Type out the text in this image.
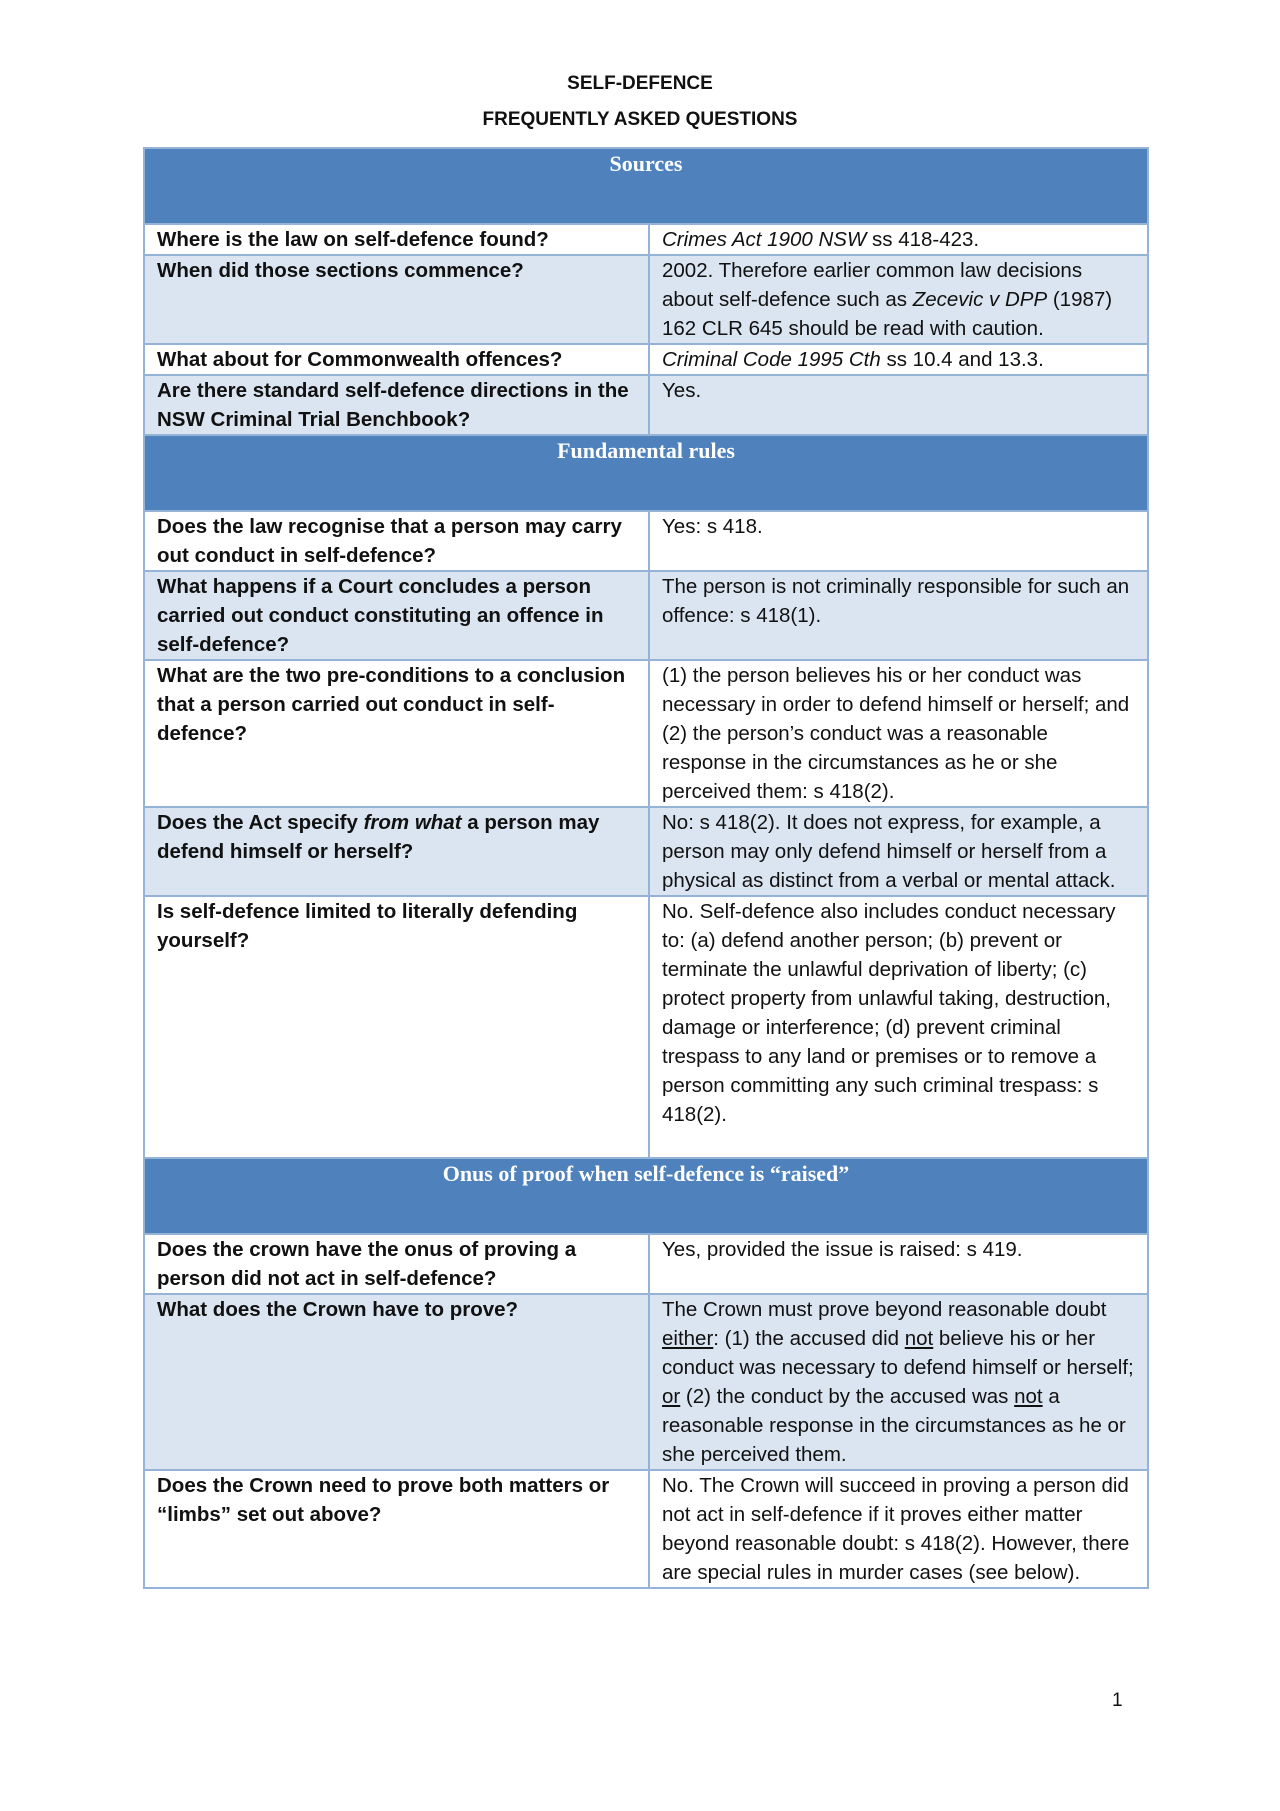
SELF-DEFENCE
FREQUENTLY ASKED QUESTIONS
Sources	
Where is the law on self-defence found?	Crimes Act 1900 NSW ss 418-423.
When did those sections commence?	2002. Therefore earlier common law decisions about self-defence such as Zecevic v DPP (1987) 162 CLR 645 should be read with caution.
What about for Commonwealth offences?	Criminal Code 1995 Cth ss 10.4 and 13.3.
Are there standard self-defence directions in the NSW Criminal Trial Benchbook?	Yes.
Fundamental rules	
Does the law recognise that a person may carry out conduct in self-defence?	Yes: s 418.
What happens if a Court concludes a person carried out conduct constituting an offence in self-defence?	The person is not criminally responsible for such an offence: s 418(1).
What are the two pre-conditions to a conclusion that a person carried out conduct in self-defence?	(1) the person believes his or her conduct was necessary in order to defend himself or herself; and (2) the person’s conduct was a reasonable response in the circumstances as he or she perceived them: s 418(2).
Does the Act specify from what a person may defend himself or herself?	No: s 418(2). It does not express, for example, a person may only defend himself or herself from a physical as distinct from a verbal or mental attack.
Is self-defence limited to literally defending yourself?	No. Self-defence also includes conduct necessary to: (a) defend another person; (b) prevent or terminate the unlawful deprivation of liberty; (c) protect property from unlawful taking, destruction, damage or interference; (d) prevent criminal trespass to any land or premises or to remove a person committing any such criminal trespass: s 418(2).
Onus of proof when self-defence is “raised”	
Does the crown have the onus of proving a person did not act in self-defence?	Yes, provided the issue is raised: s 419.
What does the Crown have to prove?	The Crown must prove beyond reasonable doubt either: (1) the accused did not believe his or her conduct was necessary to defend himself or herself; or (2) the conduct by the accused was not a reasonable response in the circumstances as he or she perceived them.
Does the Crown need to prove both matters or “limbs” set out above?	No. The Crown will succeed in proving a person did not act in self-defence if it proves either matter beyond reasonable doubt: s 418(2). However, there are special rules in murder cases (see below).
1
